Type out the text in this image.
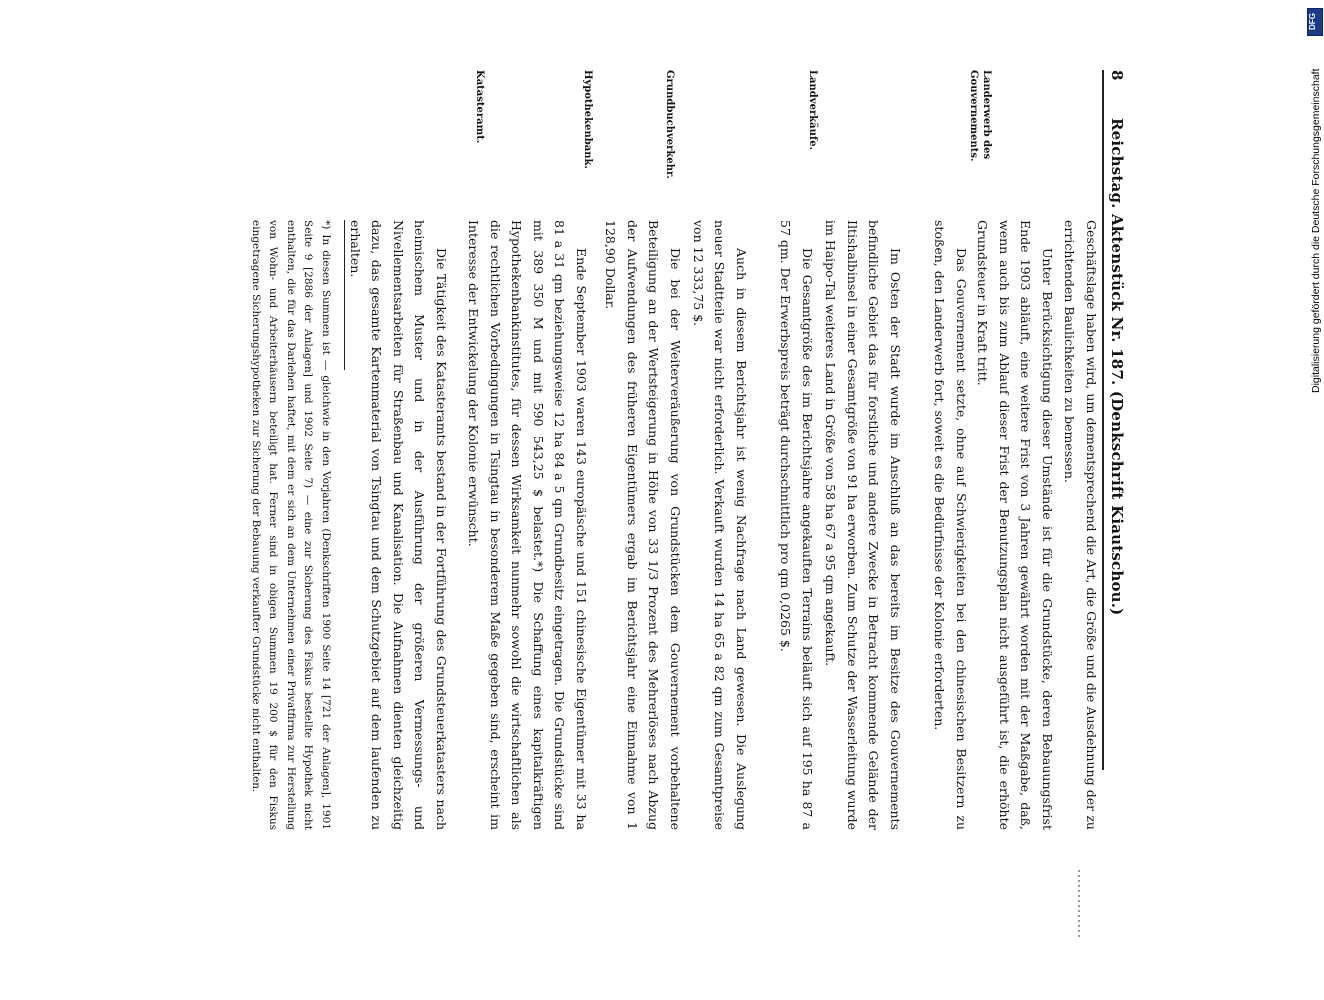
8
Reichstag. Aktenstück Nr. 187. (Denkschrift Kiautschou.)
Landerwerb des Gouvernements.
Landverkäufe.
Grundbuchverkehr.
Hypothekenbank.
Katasteramt.
Geschäftslage haben wird, um dementsprechend die Art, die Größe und die Ausdehnung der zu errichtenden Baulichkeiten zu bemessen.
Unter Berücksichtigung dieser Umstände ist für die Grundstücke, deren Bebauungsfrist Ende 1903 abläuft, eine weitere Frist von 3 Jahren gewährt worden mit der Maßgabe, daß, wenn auch bis zum Ablauf dieser Frist der Benutzungsplan nicht ausgeführt ist, die erhöhte Grundsteuer in Kraft tritt.
Das Gouvernement setzte, ohne auf Schwierigkeiten bei den chinesischen Besitzern zu stoßen, den Landerwerb fort, soweit es die Bedürfnisse der Kolonie erforderten.
Im Osten der Stadt wurde im Anschluß an das bereits im Besitze des Gouvernements befindliche Gebiet das für forstliche und andere Zwecke in Betracht kommende Gelände der Iltishalbinsel in einer Gesamtgröße von 91 ha erworben. Zum Schutze der Wasserleitung wurde im Haipo-Tal weiteres Land in Größe von 58 ha 67 a 95 qm angekauft.
Die Gesamtgröße des im Berichtsjahre angekauften Terrains beläuft sich auf 195 ha 87 a 57 qm. Der Erwerbspreis beträgt durchschnittlich pro qm 0,0265 $.
Auch in diesem Berichtsjahr ist wenig Nachfrage nach Land gewesen. Die Auslegung neuer Stadtteile war nicht erforderlich. Verkauft wurden 14 ha 65 a 82 qm zum Gesamtpreise von 12 333,75 $.
Die bei der Weiterveräußerung von Grundstücken dem Gouvernement vorbehaltene Beteiligung an der Wertsteigerung in Höhe von 33 1/3 Prozent des Mehrerlöses nach Abzug der Aufwendungen des früheren Eigentümers ergab im Berichtsjahr eine Einnahme von 1 128,90 Dollar.
Ende September 1903 waren 143 europäische und 151 chinesische Eigentümer mit 33 ha 81 a 31 qm beziehungsweise 12 ha 84 a 5 qm Grundbesitz eingetragen. Die Grundstücke sind mit 389 350 M und mit 590 543,25 $ belastet.*) Die Schaffung eines kapitalkräftigen Hypothekenbankinstitutes, für dessen Wirksamkeit nunmehr sowohl die wirtschaftlichen als die rechtlichen Vorbedingungen in Tsingtau in besonderem Maße gegeben sind, erscheint im Interesse der Entwickelung der Kolonie erwünscht.
Die Tätigkeit des Katasteramts bestand in der Fortführung des Grundsteuerkatasters nach heimischem Muster und in der Ausführung der größeren Vermessungs- und Nivellementsarbeiten für Straßenbau und Kanalisation. Die Aufnahmen dienten gleichzeitig dazu, das gesamte Kartenmaterial von Tsingtau und dem Schutzgebiet auf dem laufenden zu erhalten.
*) In diesen Summen ist — gleichwie in den Vorjahren (Denkschriften 1900 Seite 14 [721 der Anlagen], 1901 Seite 9 [2886 der Anlagen] und 1902 Seite 7) — eine zur Sicherung des Fiskus bestellte Hypothek nicht enthalten, die für das Darlehen haftet, mit dem er sich an dem Unternehmen einer Privatfirma zur Herstellung von Wohn- und Arbeiterhäusern beteiligt hat. Ferner sind in obigen Summen 19 200 $ für den Fiskus eingetragene Sicherungshypotheken zur Sicherung der Bebauung verkaufter Grundstücke nicht enthalten.
DFG
Digitalisierung gefördert durch die Deutsche Forschungsgemeinschaft
